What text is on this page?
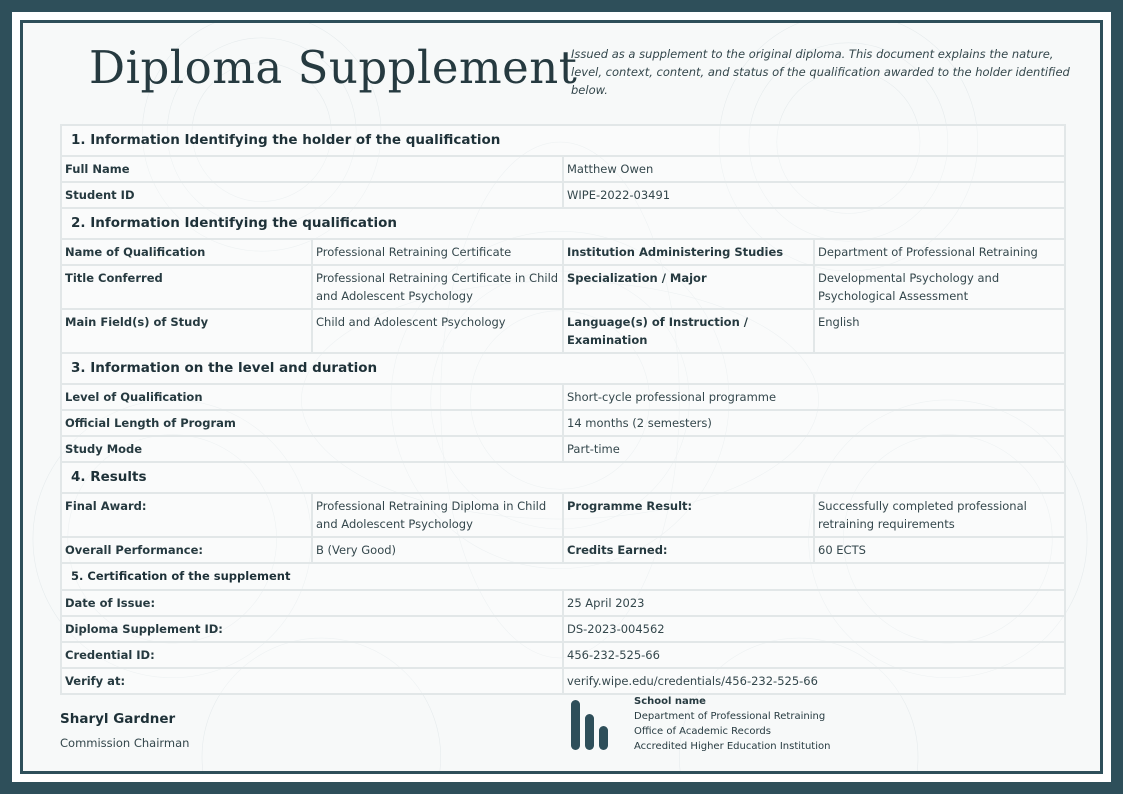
Diploma Supplement
Issued as a supplement to the original diploma. This document explains the nature, level, context, content, and status of the qualification awarded to the holder identified below.
1. Information Identifying the holder of the qualification			
Full Name		Matthew Owen	
Student ID		WIPE-2022-03491	
2. Information Identifying the qualification			
Name of Qualification	Professional Retraining Certificate	Institution Administering Studies	Department of Professional Retraining
Title Conferred	Professional Retraining Certificate in Child and Adolescent Psychology	Specialization / Major	Developmental Psychology and Psychological Assessment
Main Field(s) of Study	Child and Adolescent Psychology	Language(s) of Instruction / Examination	English
3. Information on the level and duration			
Level of Qualification		Short-cycle professional programme	
Official Length of Program		14 months (2 semesters)	
Study Mode		Part-time	
4. Results			
Final Award:	Professional Retraining Diploma in Child and Adolescent Psychology	Programme Result:	Successfully completed professional retraining requirements
Overall Performance:	B (Very Good)	Credits Earned:	60 ECTS
5. Certification of the supplement			
Date of Issue:		25 April 2023	
Diploma Supplement ID:		DS-2023-004562	
Credential ID:		456-232-525-66	
Verify at:		verify.wipe.edu/credentials/456-232-525-66	
Sharyl Gardner
Commission Chairman
School name
Department of Professional Retraining
Office of Academic Records
Accredited Higher Education Institution
